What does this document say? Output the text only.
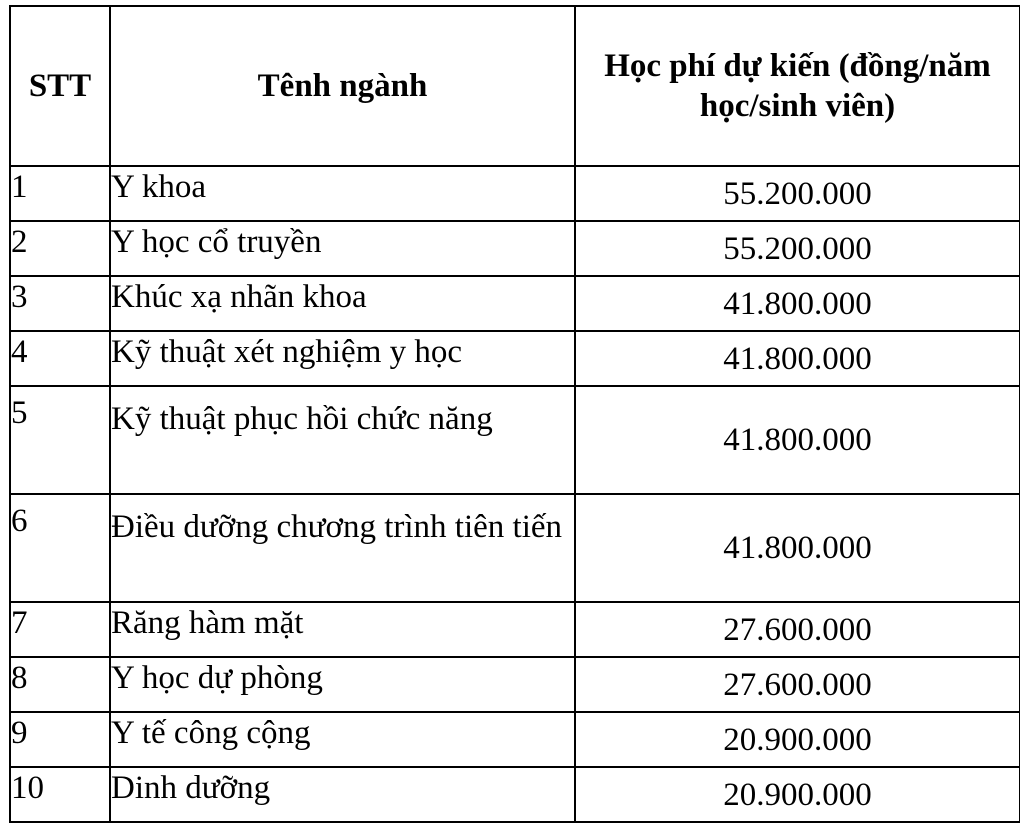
STT	Tênh ngành	Học phí dự kiến (đồng/năm học/sinh viên)
1	Y khoa	55.200.000
2	Y học cổ truyền	55.200.000
3	Khúc xạ nhãn khoa	41.800.000
4	Kỹ thuật xét nghiệm y học	41.800.000
5	Kỹ thuật phục hồi chức năng	41.800.000
6	Điều dưỡng chương trình tiên tiến	41.800.000
7	Răng hàm mặt	27.600.000
8	Y học dự phòng	27.600.000
9	Y tế công cộng	20.900.000
10	Dinh dưỡng	20.900.000
